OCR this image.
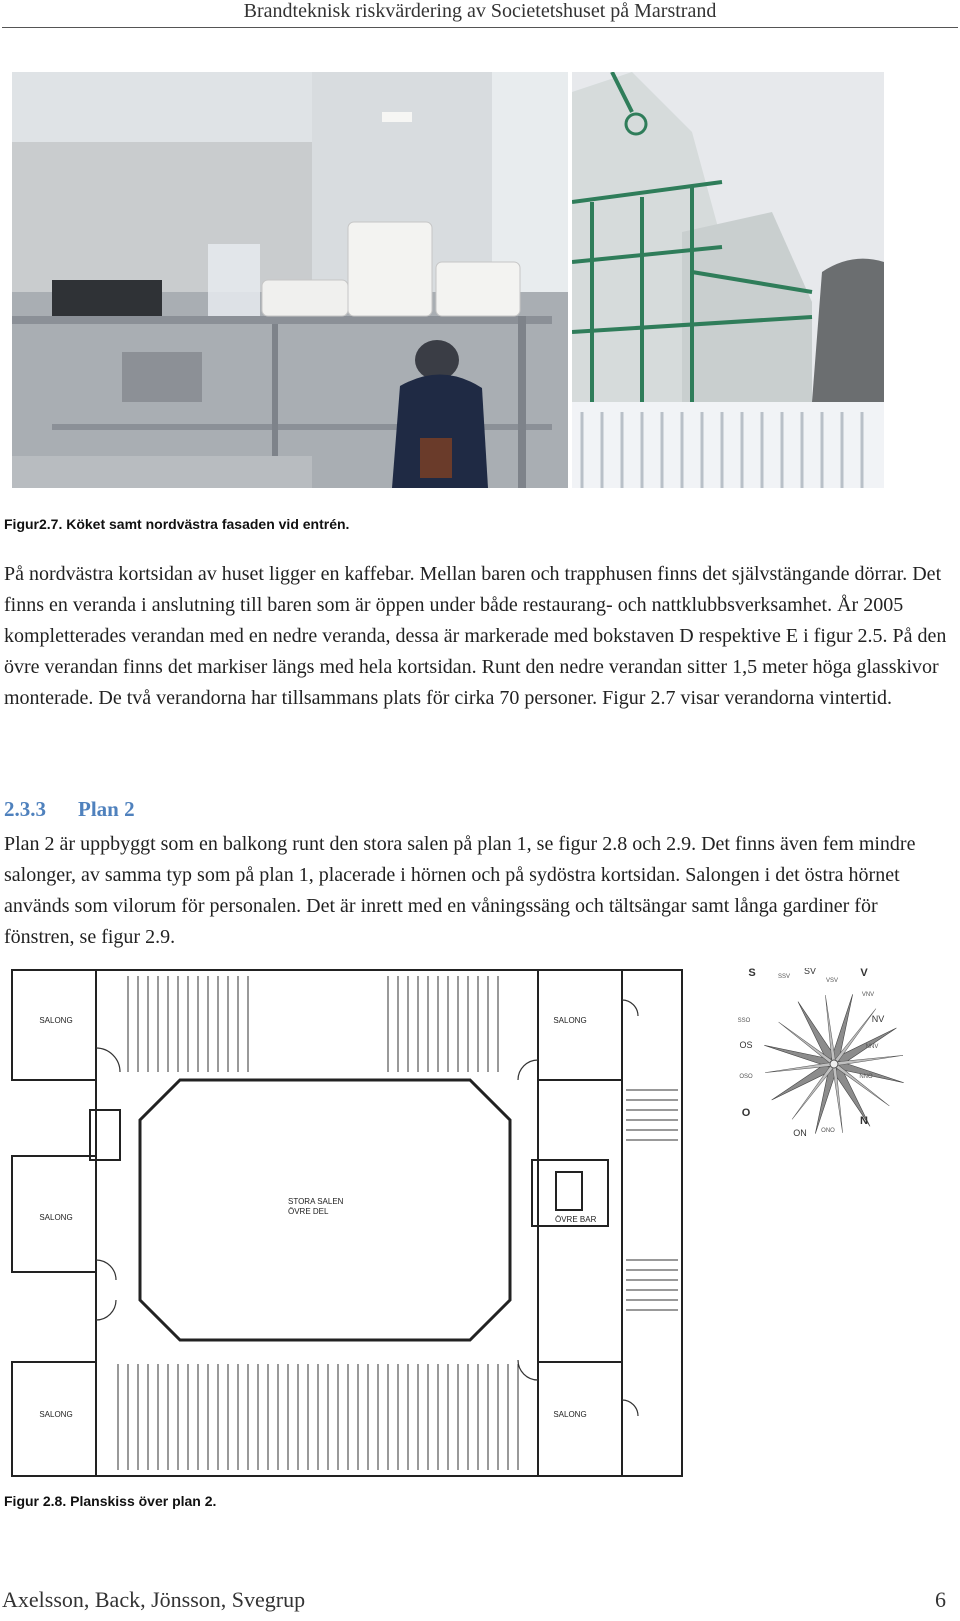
Brandteknisk riskvärdering av Societetshuset på Marstrand
Figur2.7. Köket samt nordvästra fasaden vid entrén.

På nordvästra kortsidan av huset ligger en kaffebar. Mellan baren och trapphusen finns det självstängande dörrar. Det finns en veranda i anslutning till baren som är öppen under både restaurang- och nattklubbsverksamhet. År 2005 kompletterades verandan med en nedre veranda, dessa är markerade med bokstaven D respektive E i figur 2.5. På den övre verandan finns det markiser längs med hela kortsidan. Runt den nedre verandan sitter 1,5 meter höga glasskivor monterade. De två verandorna har tillsammans plats för cirka 70 personer. Figur 2.7 visar verandorna vintertid.

2.3.3 Plan 2

Plan 2 är uppbyggt som en balkong runt den stora salen på plan 1, se figur 2.8 och 2.9. Det finns även fem mindre salonger, av samma typ som på plan 1, placerade i hörnen och på sydöstra kortsidan. Salongen i det östra hörnet används som vilorum för personalen. Det är inrett med en våningssäng och tältsängar samt långa gardiner för fönstren, se figur 2.9.

SALONG
SALONG
SALONG
SALONG
SALONG
STORA SALEN
ÖVRE DEL
ÖVRE BAR
N
S	V
O
SV
NV
ON
OS
SSV
VSV
VNV
NNV
ONO
OSO
SSO
NNO
Figur 2.8. Planskiss över plan 2.
Axelsson, Back, Jönsson, Svegrup	6
